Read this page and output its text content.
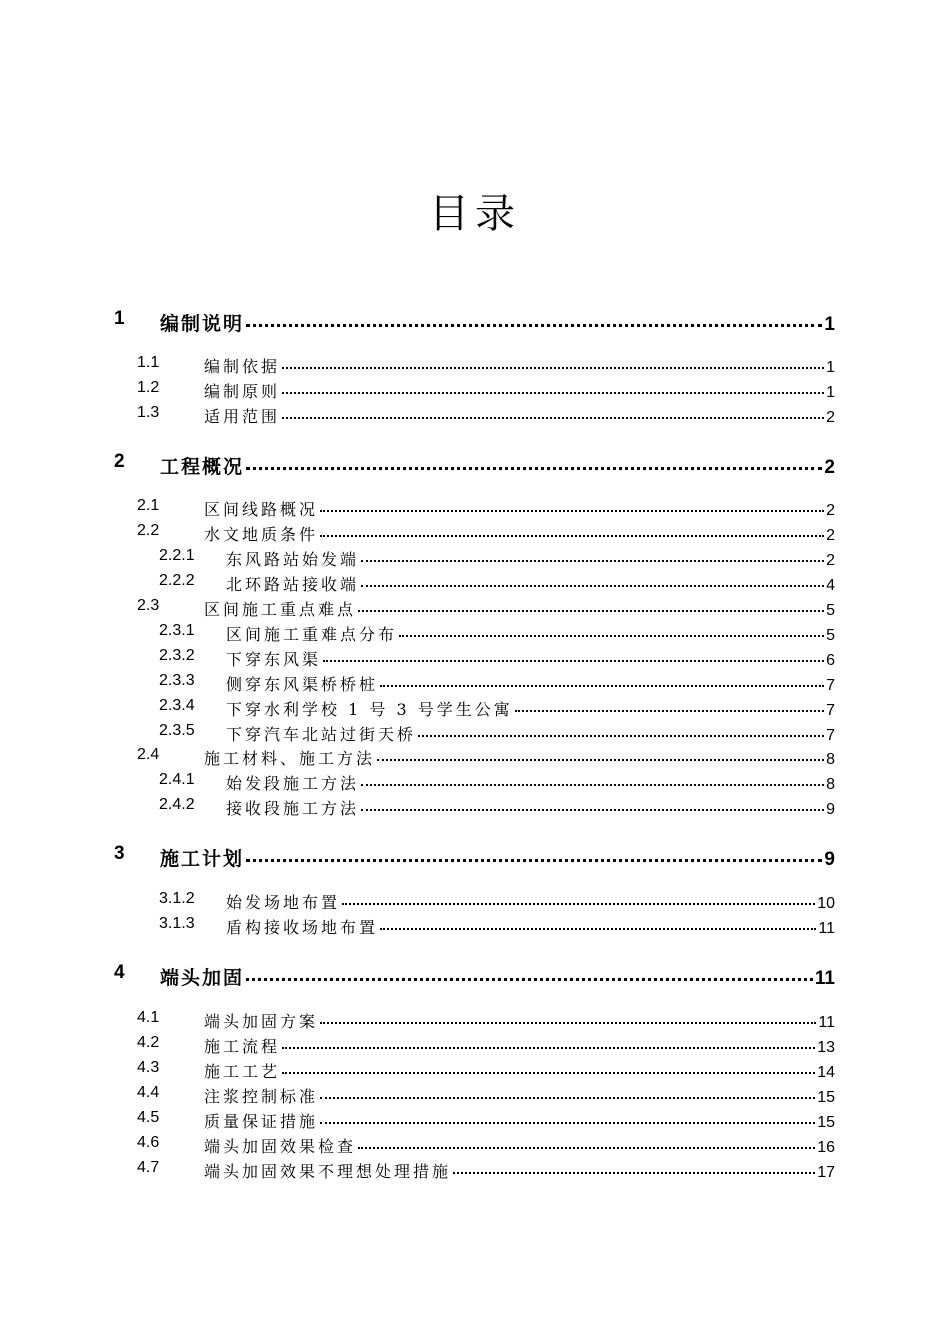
目录
1 编制说明	1
1.1	编制依据	1
1.2	编制原则	1
1.3	适用范围	2
2 工程概况	2
2.1	区间线路概况	2
2.2	水文地质条件	2
2.2.1 东风路站始发端	2
2.2.2 北环路站接收端	4
2.3	区间施工重点难点	5
2.3.1 区间施工重难点分布	5
2.3.2 下穿东风渠	6
2.3.3 侧穿东风渠桥桥桩	7
2.3.4 下穿水利学校 1 号 3 号学生公寓	7
2.3.5 下穿汽车北站过街天桥	7
2.4	施工材料、施工方法	8
2.4.1 始发段施工方法	8
2.4.2 接收段施工方法	9
3 施工计划	9
3.1.2 始发场地布置	10
3.1.3 盾构接收场地布置	11
4 端头加固	11
4.1	端头加固方案	11
4.2	施工流程	13
4.3	施工工艺	14
4.4	注浆控制标准	15
4.5	质量保证措施	15
4.6	端头加固效果检查	16
4.7	端头加固效果不理想处理措施	17
